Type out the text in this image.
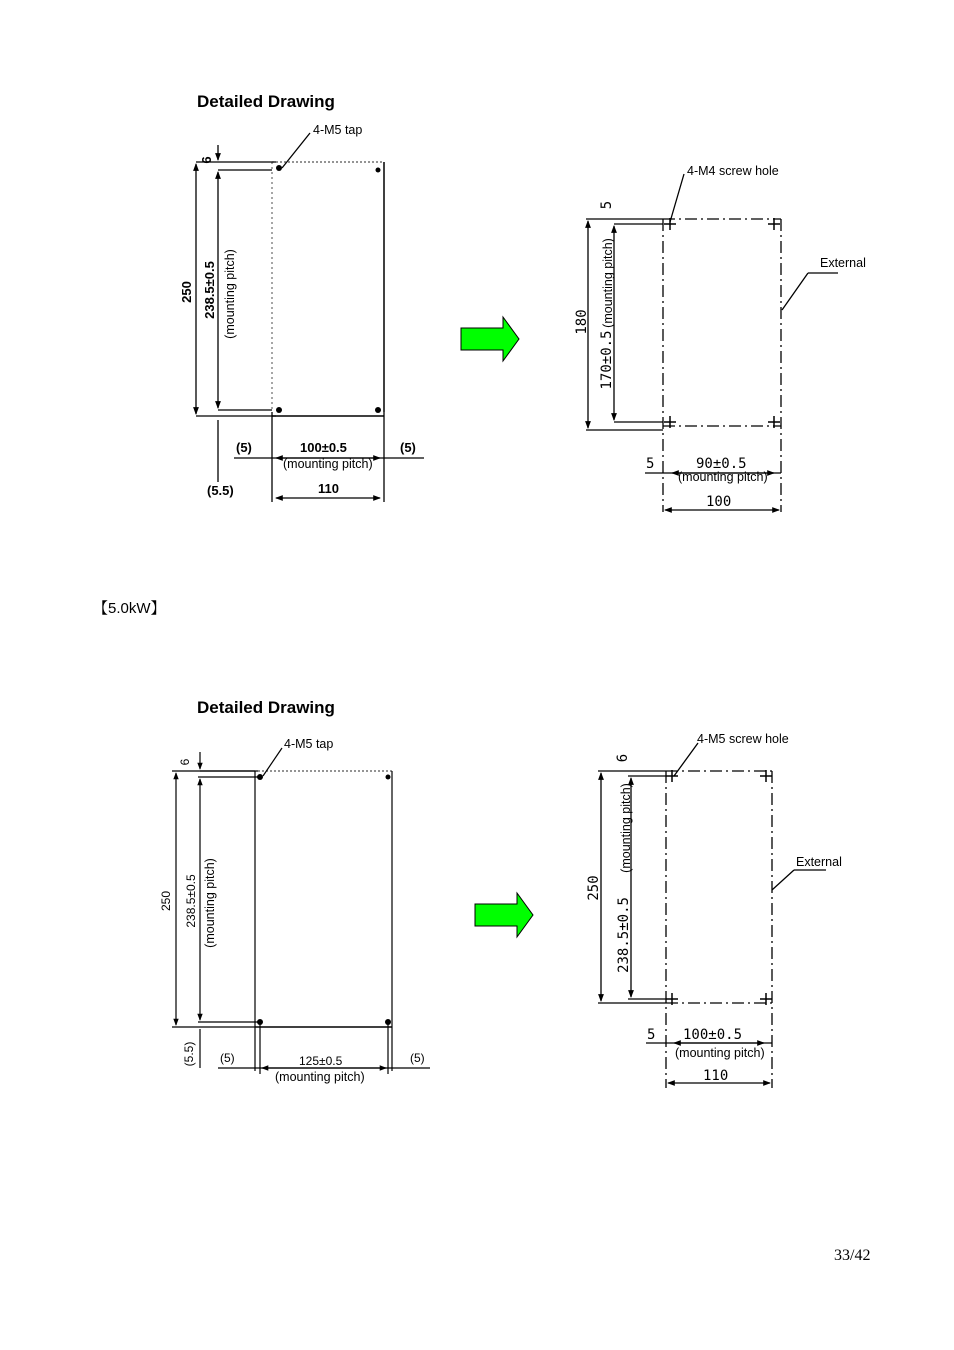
Detailed Drawing
【5.0kW】
Detailed Drawing
33/42
4-M5 tap
6
250 238.5±0.5 (mounting pitch)
(5)	100±0.5	(5)
(mounting pitch)
(5.5)	110
4-M4 screw hole
External
5
180
170±0.5
(mounting pitch)
5	90±0.5
(mounting pitch)
100
4-M5 tap
6
250 238.5±0.5 (mounting pitch)
(5.5) (5)	125±0.5	(5)
(mounting pitch)
4-M5 screw hole
External
6
250
238.5±0.5
(mounting pitch)
5 100±0.5
(mounting pitch)
110
